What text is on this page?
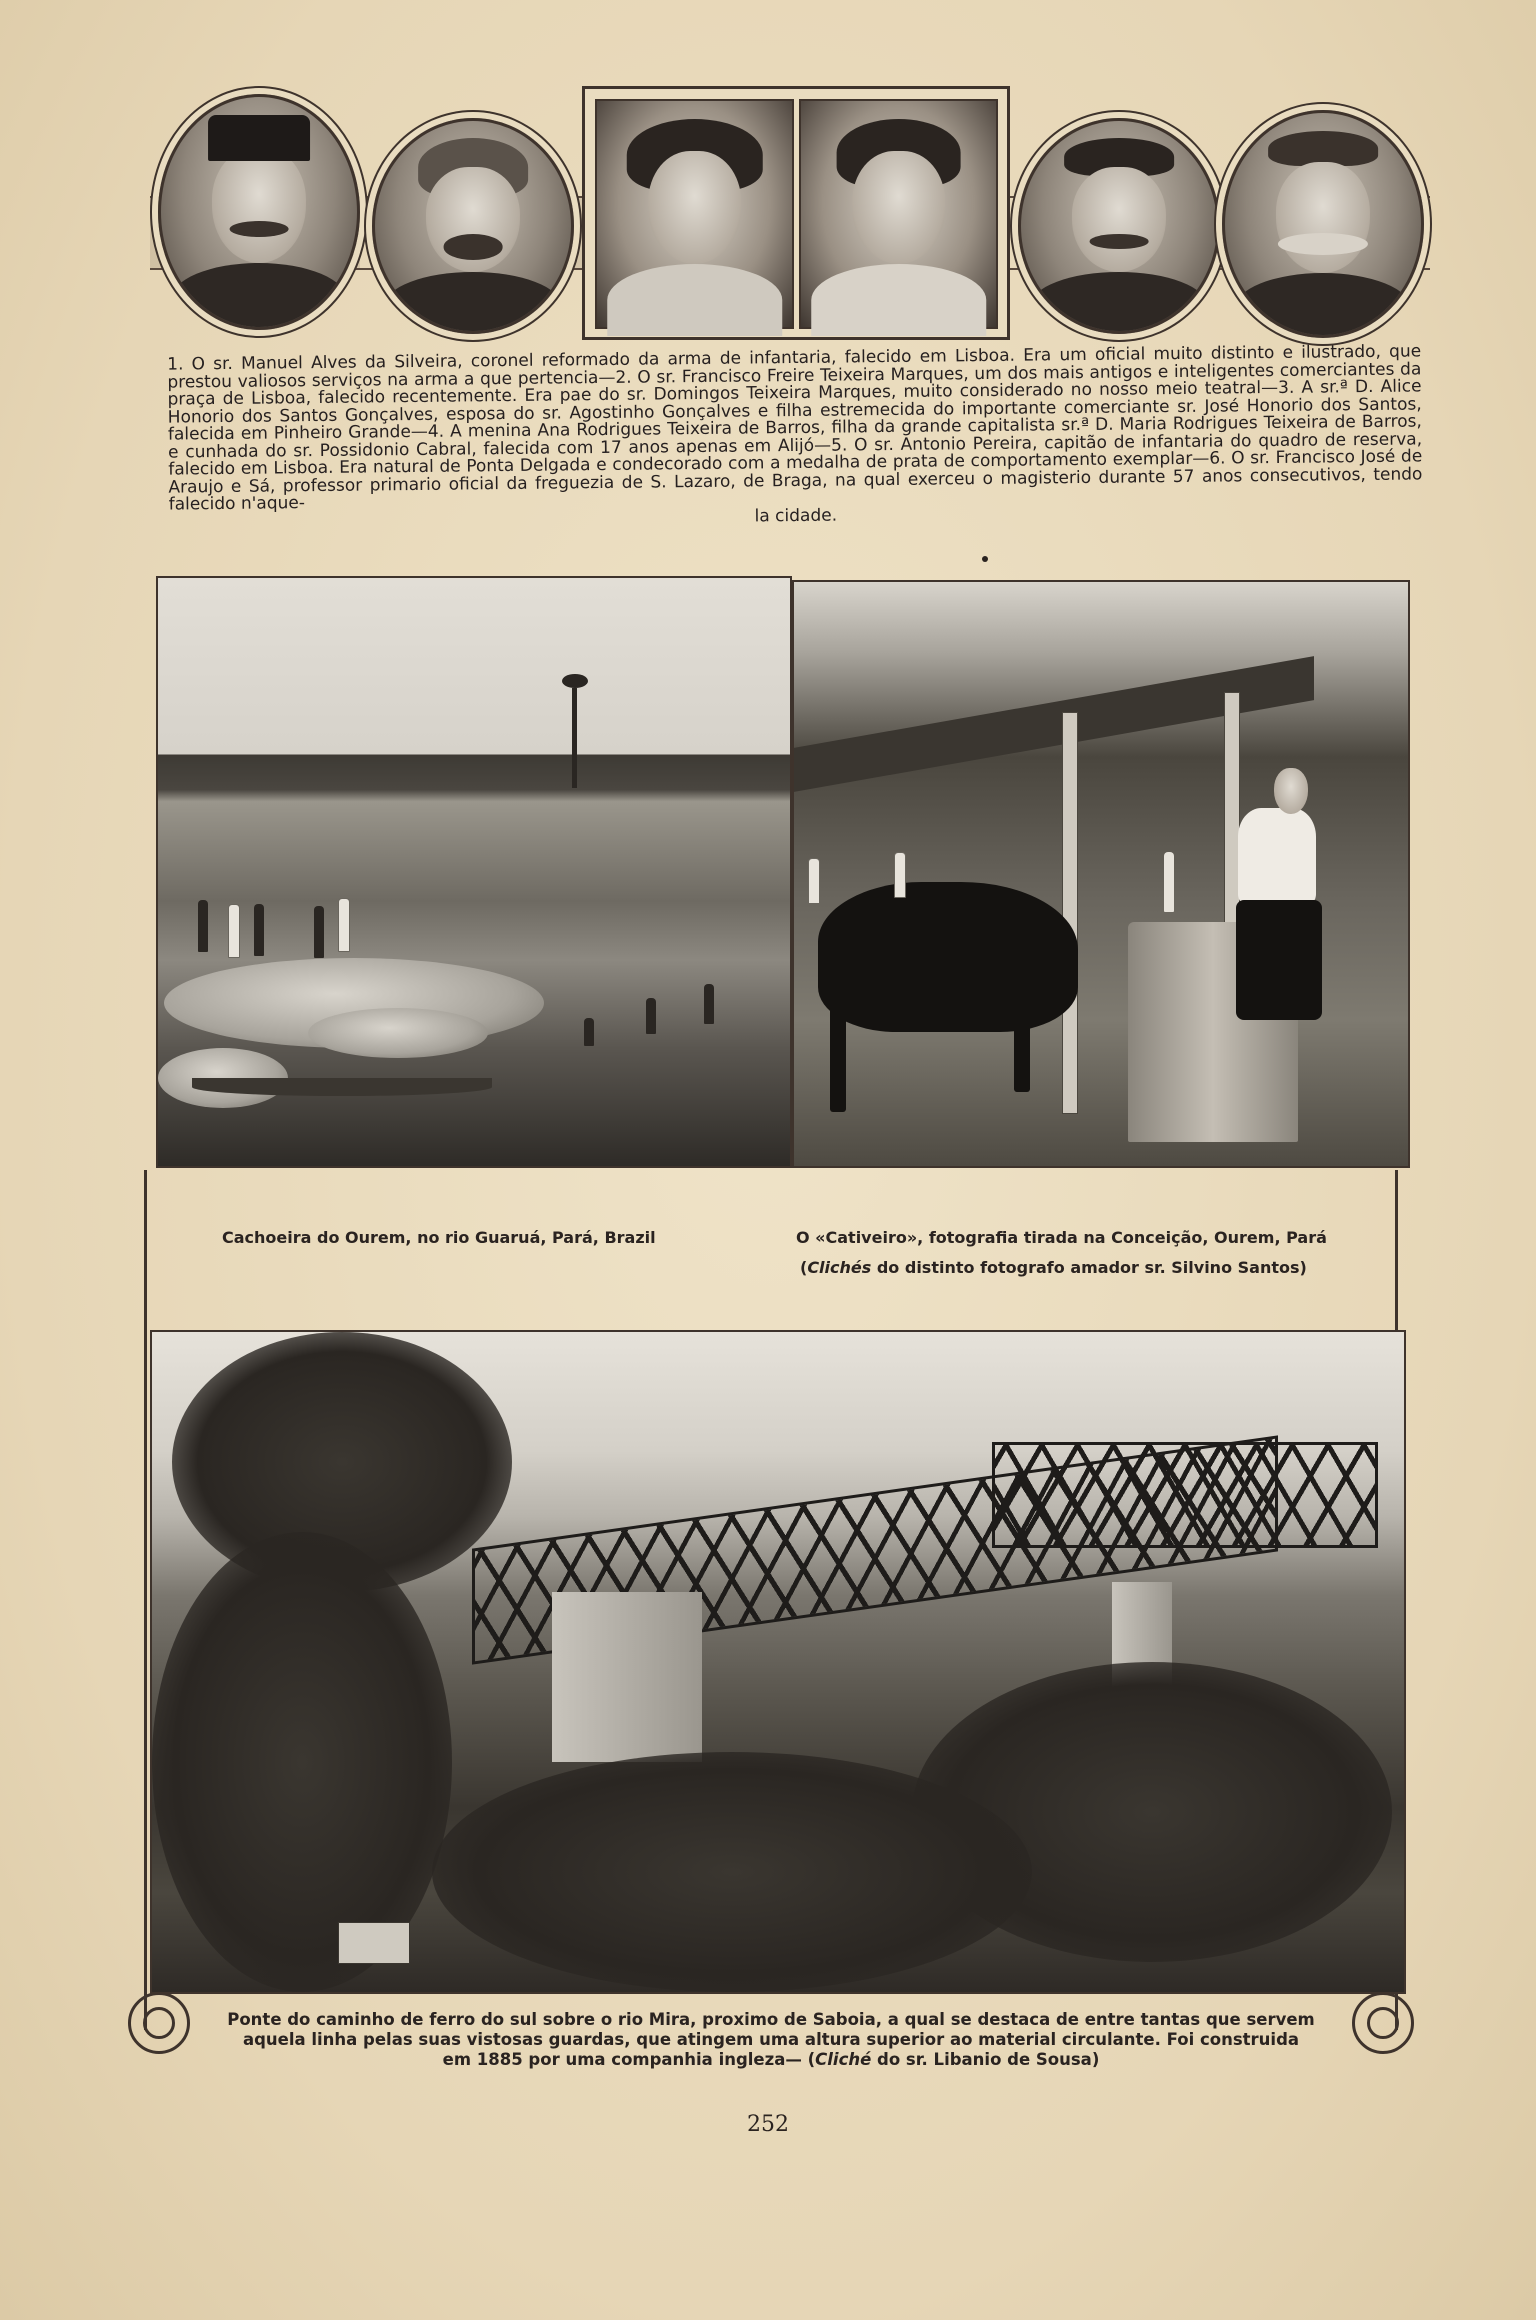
1. O sr. Manuel Alves da Silveira, coronel reformado da arma de infantaria, falecido em Lisboa. Era um oficial muito distinto e ilustrado, que prestou valiosos serviços na arma a que pertencia—2. O sr. Francisco Freire Teixeira Marques, um dos mais antigos e inteligentes comerciantes da praça de Lisboa, falecido recentemente. Era pae do sr. Domingos Teixeira Marques, muito considerado no nosso meio teatral—3. A sr.ª D. Alice Honorio dos Santos Gonçalves, esposa do sr. Agostinho Gonçalves e filha estremecida do importante comerciante sr. José Honorio dos Santos, falecida em Pinheiro Grande—4. A menina Ana Rodrigues Teixeira de Barros, filha da grande capitalista sr.ª D. Maria Rodrigues Teixeira de Barros, e cunhada do sr. Possidonio Cabral, falecida com 17 anos apenas em Alijó—5. O sr. Antonio Pereira, capitão de infantaria do quadro de reserva, falecido em Lisboa. Era natural de Ponta Delgada e condecorado com a medalha de prata de comportamento exemplar—6. O sr. Francisco José de Araujo e Sá, professor primario oficial da freguezia de S. Lazaro, de Braga, na qual exerceu o magisterio durante 57 anos consecutivos, tendo falecido n'aque-
la cidade.
Cachoeira do Ourem, no rio Guaruá, Pará, Brazil	O «Cativeiro», fotografia tirada na Conceição, Ourem, Pará
(Clichés do distinto fotografo amador sr. Silvino Santos)
Ponte do caminho de ferro do sul sobre o rio Mira, proximo de Saboia, a qual se destaca de entre tantas que servem aquela linha pelas suas vistosas guardas, que atingem uma altura superior ao material circulante. Foi construida em 1885 por uma companhia ingleza— (Cliché do sr. Libanio de Sousa)
252
